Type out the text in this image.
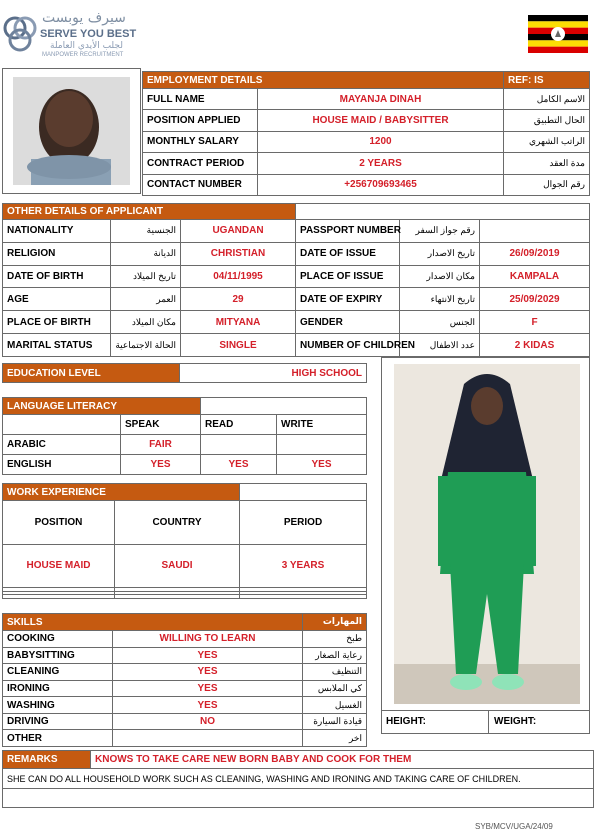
سيرف يوبست
SERVE YOU BEST
لجلب الأيدي العاملة
MANPOWER RECRUITMENT
EMPLOYMENT DETAILS		REF: IS
FULL NAME	MAYANJA DINAH	الاسم الكامل
POSITION APPLIED	HOUSE MAID / BABYSITTER	الحال التطبيق
MONTHLY SALARY	1200	الراتب الشهري
CONTRACT PERIOD	2 YEARS	مدة العقد
CONTACT NUMBER	+256709693465	رقم الجوال
OTHER DETAILS OF APPLICANT					
NATIONALITY	الجنسية	UGANDAN	PASSPORT NUMBER	رقم جواز السفر	
RELIGION	الديانة	CHRISTIAN	DATE OF ISSUE	تاريخ الاصدار	26/09/2019
DATE OF BIRTH	تاريخ الميلاد	04/11/1995	PLACE OF ISSUE	مكان الاصدار	KAMPALA
AGE	العمر	29	DATE OF EXPIRY	تاريخ الانتهاء	25/09/2029
PLACE OF BIRTH	مكان الميلاد	MITYANA	GENDER	الجنس	F
MARITAL STATUS	الحالة الاجتماعية	SINGLE	NUMBER OF CHILDREN	عدد الاطفال	2 KIDAS
EDUCATION LEVEL	HIGH SCHOOL
LANGUAGE LITERACY			
	SPEAK	READ	WRITE
ARABIC	FAIR		
ENGLISH	YES	YES	YES
WORK EXPERIENCE		
POSITION	COUNTRY	PERIOD
HOUSE MAID	SAUDI	3 YEARS

SKILLS		المهارات
COOKING	WILLING TO LEARN	طبخ
BABYSITTING	YES	رعاية الصغار
CLEANING	YES	التنظيف
IRONING	YES	كي الملابس
WASHING	YES	الغسيل
DRIVING	NO	قيادة السيارة
OTHER		اخر
HEIGHT:	WEIGHT:
REMARKS	KNOWS TO TAKE CARE NEW BORN BABY AND COOK FOR THEM
SHE CAN DO ALL HOUSEHOLD WORK SUCH AS CLEANING, WASHING AND IRONING AND TAKING CARE OF CHILDREN.

SYB/MCV/UGA/24/09
